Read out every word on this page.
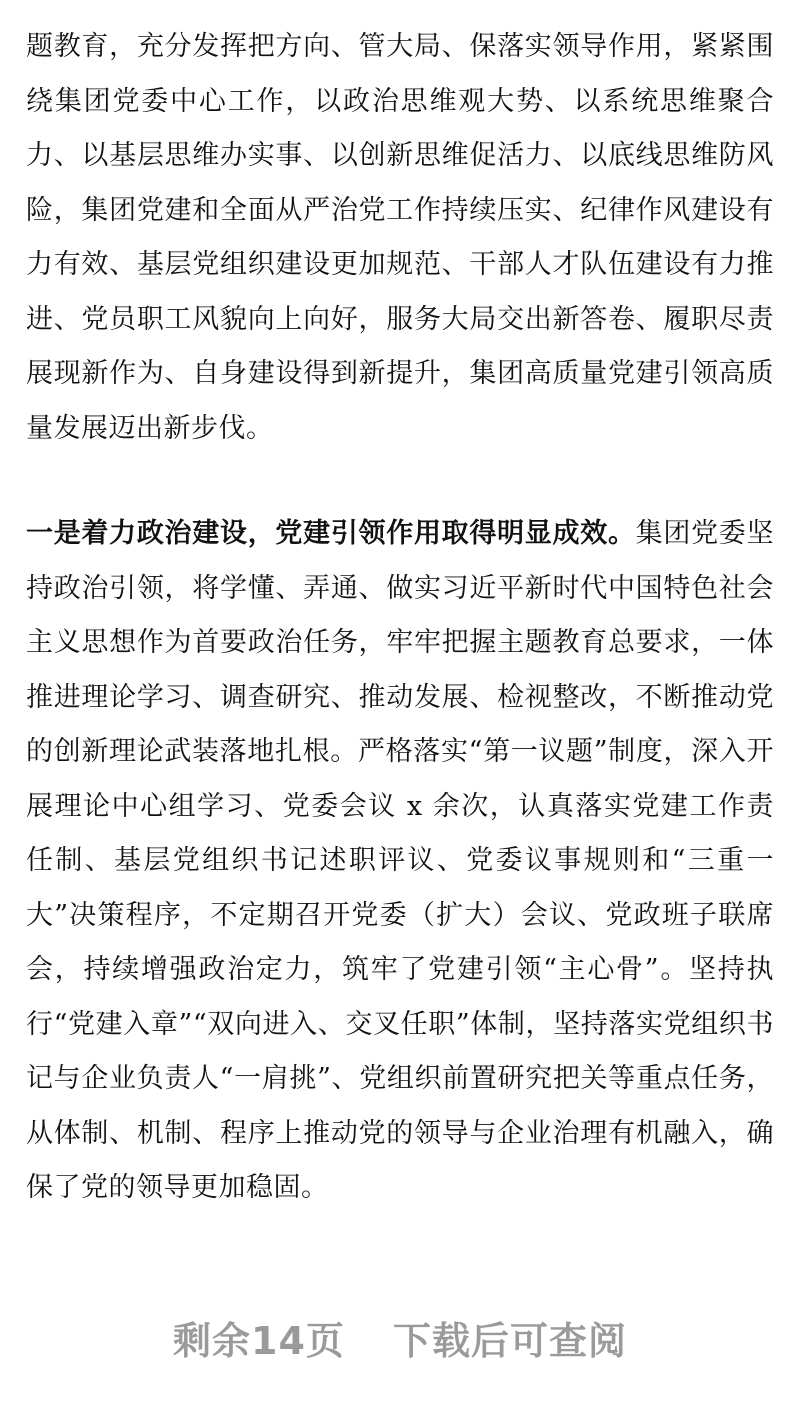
题教育，充分发挥把方向、管大局、保落实领导作用，紧紧围绕集团党委中心工作，以政治思维观大势、以系统思维聚合力、以基层思维办实事、以创新思维促活力、以底线思维防风险，集团党建和全面从严治党工作持续压实、纪律作风建设有力有效、基层党组织建设更加规范、干部人才队伍建设有力推进、党员职工风貌向上向好，服务大局交出新答卷、履职尽责展现新作为、自身建设得到新提升，集团高质量党建引领高质量发展迈出新步伐。

一是着力政治建设，党建引领作用取得明显成效。集团党委坚持政治引领，将学懂、弄通、做实习近平新时代中国特色社会主义思想作为首要政治任务，牢牢把握主题教育总要求，一体推进理论学习、调查研究、推动发展、检视整改，不断推动党的创新理论武装落地扎根。严格落实“第一议题”制度，深入开展理论中心组学习、党委会议 x 余次，认真落实党建工作责任制、基层党组织书记述职评议、党委议事规则和“三重一大”决策程序，不定期召开党委（扩大）会议、党政班子联席会，持续增强政治定力，筑牢了党建引领“主心骨”。坚持执行“党建入章”“双向进入、交叉任职”体制，坚持落实党组织书记与企业负责人“一肩挑”、党组织前置研究把关等重点任务，从体制、机制、程序上推动党的领导与企业治理有机融入，确保了党的领导更加稳固。

剩余14页 下载后可查阅
